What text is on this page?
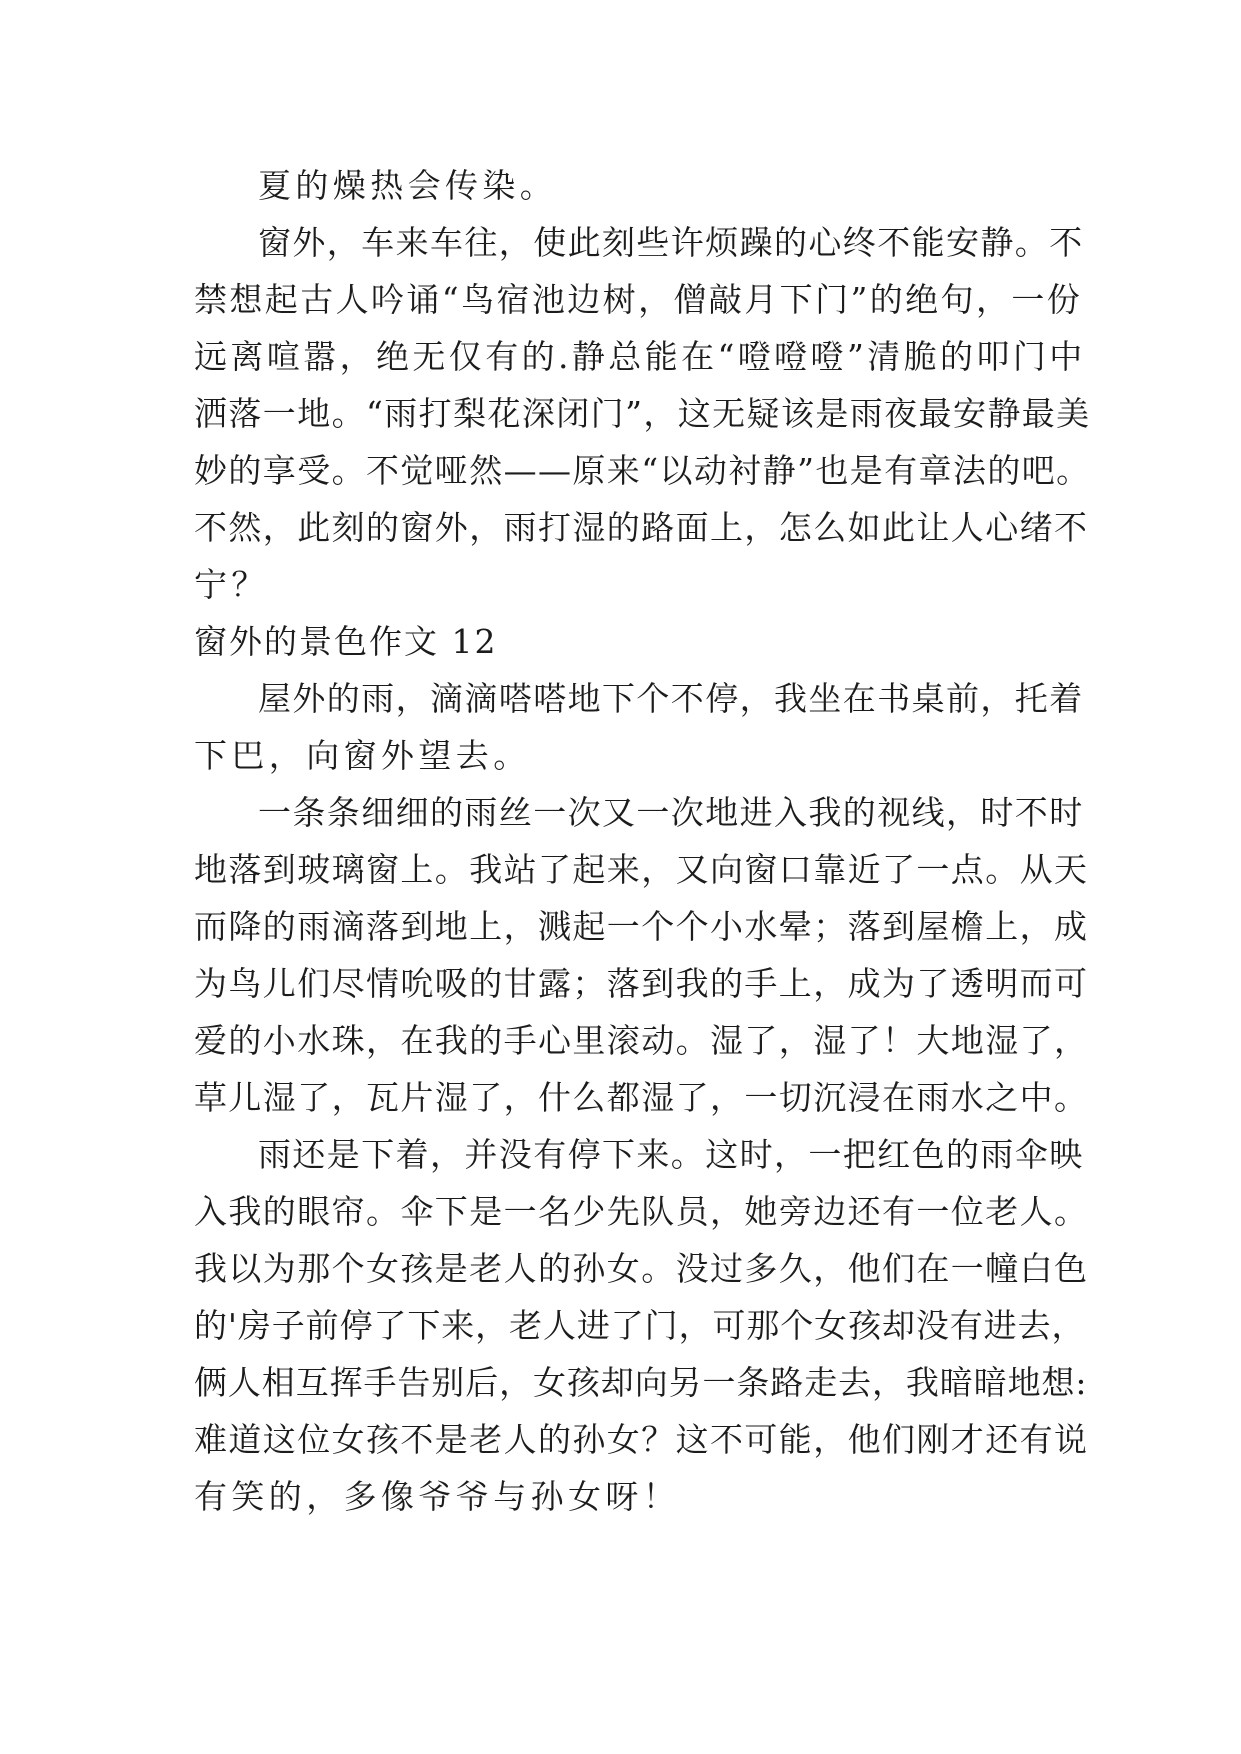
夏的燥热会传染。
窗外，车来车往，使此刻些许烦躁的心终不能安静。不
禁想起古人吟诵“鸟宿池边树，僧敲月下门”的绝句，一份
远离喧嚣，绝无仅有的.静总能在“噔噔噔”清脆的叩门中
洒落一地。“雨打梨花深闭门”，这无疑该是雨夜最安静最美
妙的享受。不觉哑然——原来“以动衬静”也是有章法的吧。
不然，此刻的窗外，雨打湿的路面上，怎么如此让人心绪不
宁？
窗外的景色作文 12
屋外的雨，滴滴嗒嗒地下个不停，我坐在书桌前，托着
下巴，向窗外望去。
一条条细细的雨丝一次又一次地进入我的视线，时不时
地落到玻璃窗上。我站了起来，又向窗口靠近了一点。从天
而降的雨滴落到地上，溅起一个个小水晕；落到屋檐上，成
为鸟儿们尽情吮吸的甘露；落到我的手上，成为了透明而可
爱的小水珠，在我的手心里滚动。湿了，湿了！大地湿了，
草儿湿了，瓦片湿了，什么都湿了，一切沉浸在雨水之中。
雨还是下着，并没有停下来。这时，一把红色的雨伞映
入我的眼帘。伞下是一名少先队员，她旁边还有一位老人。
我以为那个女孩是老人的孙女。没过多久，他们在一幢白色
的'房子前停了下来，老人进了门，可那个女孩却没有进去，
俩人相互挥手告别后，女孩却向另一条路走去，我暗暗地想:
难道这位女孩不是老人的孙女？这不可能，他们刚才还有说
有笑的，多像爷爷与孙女呀！
